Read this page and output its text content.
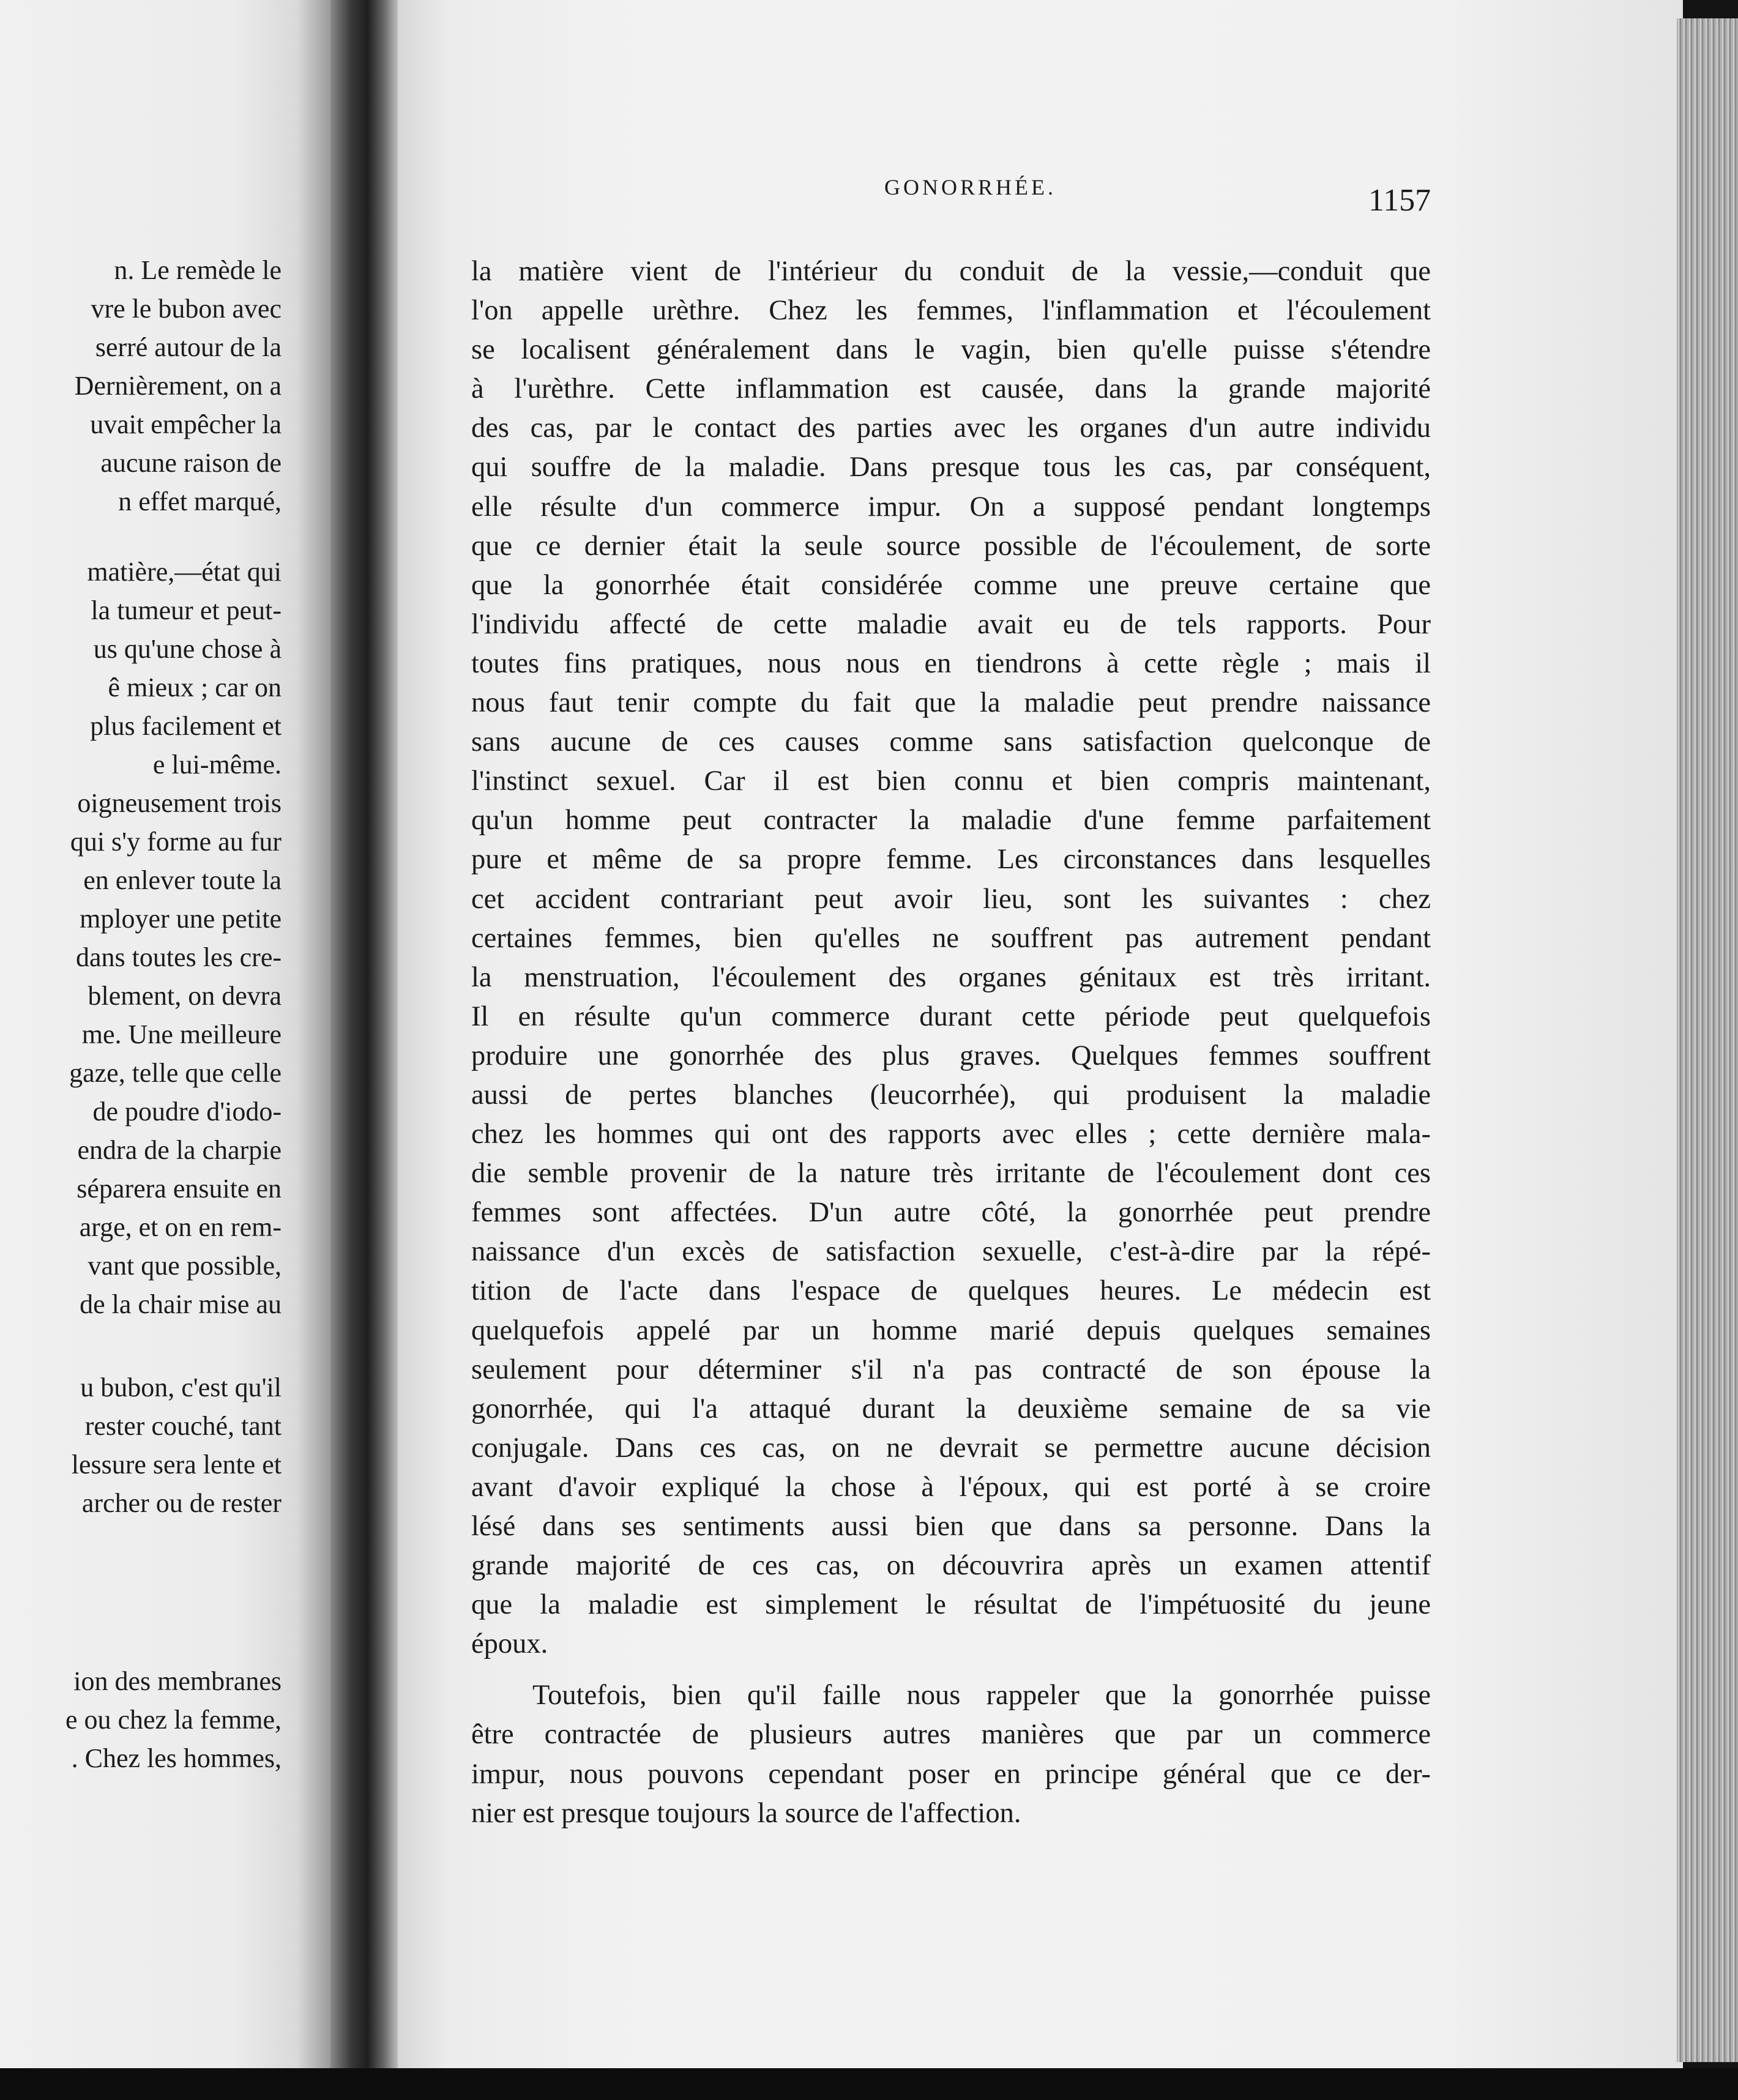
n. Le remède le
vre le bubon avec
serré autour de la
Dernièrement, on a
uvait empêcher la
aucune raison de
n effet marqué,
matière,—état qui
la tumeur et peut-
us qu'une chose à
ê mieux ; car on
plus facilement et
e lui-même.
oigneusement trois
qui s'y forme au fur
en enlever toute la
mployer une petite
dans toutes les cre-
blement, on devra
me. Une meilleure
gaze, telle que celle
de poudre d'iodo-
endra de la charpie
séparera ensuite en
arge, et on en rem-
vant que possible,
de la chair mise au
u bubon, c'est qu'il
rester couché, tant
lessure sera lente et
archer ou de rester
ion des membranes
e ou chez la femme,
. Chez les hommes,
GONORRHÉE.	1157
la matière vient de l'intérieur du conduit de la vessie,—conduit que
l'on appelle urèthre. Chez les femmes, l'inflammation et l'écoulement
se localisent généralement dans le vagin, bien qu'elle puisse s'étendre
à l'urèthre. Cette inflammation est causée, dans la grande majorité
des cas, par le contact des parties avec les organes d'un autre individu
qui souffre de la maladie. Dans presque tous les cas, par conséquent,
elle résulte d'un commerce impur. On a supposé pendant longtemps
que ce dernier était la seule source possible de l'écoulement, de sorte
que la gonorrhée était considérée comme une preuve certaine que
l'individu affecté de cette maladie avait eu de tels rapports. Pour
toutes fins pratiques, nous nous en tiendrons à cette règle ; mais il
nous faut tenir compte du fait que la maladie peut prendre naissance
sans aucune de ces causes comme sans satisfaction quelconque de
l'instinct sexuel. Car il est bien connu et bien compris maintenant,
qu'un homme peut contracter la maladie d'une femme parfaitement
pure et même de sa propre femme. Les circonstances dans lesquelles
cet accident contrariant peut avoir lieu, sont les suivantes : chez
certaines femmes, bien qu'elles ne souffrent pas autrement pendant
la menstruation, l'écoulement des organes génitaux est très irritant.
Il en résulte qu'un commerce durant cette période peut quelquefois
produire une gonorrhée des plus graves. Quelques femmes souffrent
aussi de pertes blanches (leucorrhée), qui produisent la maladie
chez les hommes qui ont des rapports avec elles ; cette dernière mala-
die semble provenir de la nature très irritante de l'écoulement dont ces
femmes sont affectées. D'un autre côté, la gonorrhée peut prendre
naissance d'un excès de satisfaction sexuelle, c'est-à-dire par la répé-
tition de l'acte dans l'espace de quelques heures. Le médecin est
quelquefois appelé par un homme marié depuis quelques semaines
seulement pour déterminer s'il n'a pas contracté de son épouse la
gonorrhée, qui l'a attaqué durant la deuxième semaine de sa vie
conjugale. Dans ces cas, on ne devrait se permettre aucune décision
avant d'avoir expliqué la chose à l'époux, qui est porté à se croire
lésé dans ses sentiments aussi bien que dans sa personne. Dans la
grande majorité de ces cas, on découvrira après un examen attentif
que la maladie est simplement le résultat de l'impétuosité du jeune
époux.
Toutefois, bien qu'il faille nous rappeler que la gonorrhée puisse
être contractée de plusieurs autres manières que par un commerce
impur, nous pouvons cependant poser en principe général que ce der-
nier est presque toujours la source de l'affection.
